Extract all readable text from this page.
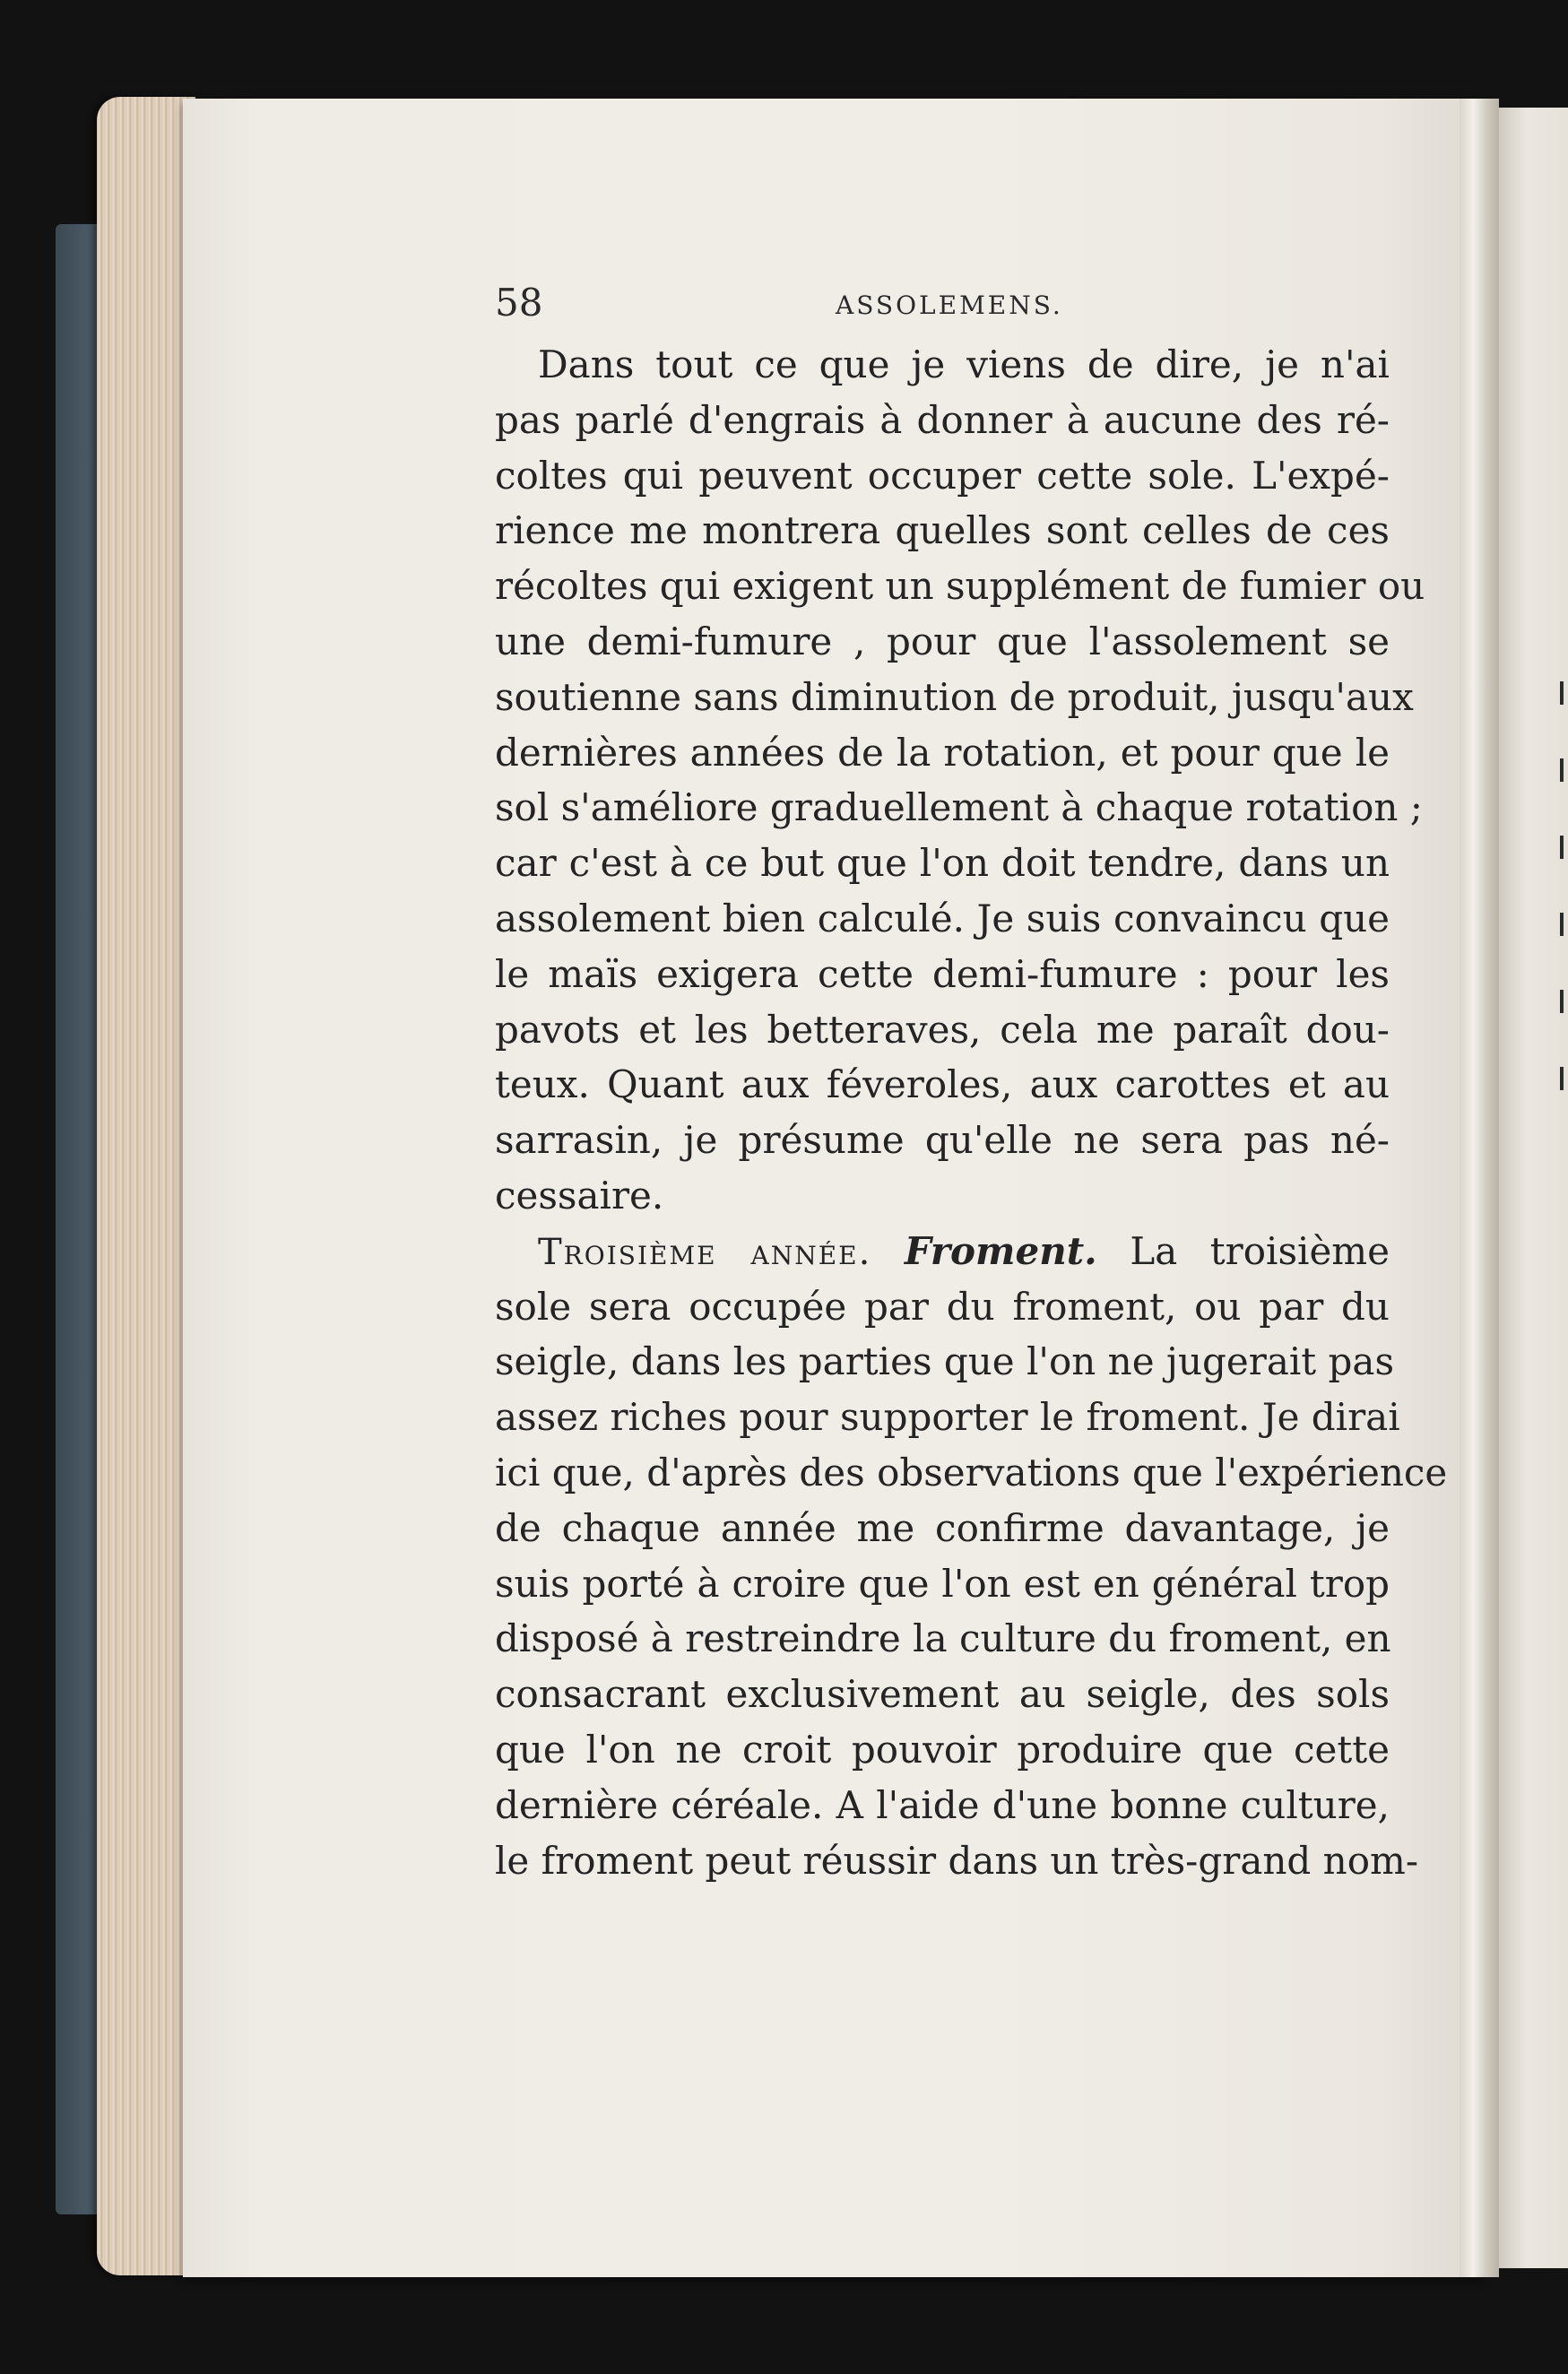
58	ASSOLEMENS.
Dans tout ce que je viens de dire, je n'ai
pas parlé d'engrais à donner à aucune des ré-
coltes qui peuvent occuper cette sole. L'expé-
rience me montrera quelles sont celles de ces
récoltes qui exigent un supplément de fumier ou
une demi-fumure , pour que l'assolement se
soutienne sans diminution de produit, jusqu'aux
dernières années de la rotation, et pour que le
sol s'améliore graduellement à chaque rotation ;
car c'est à ce but que l'on doit tendre, dans un
assolement bien calculé. Je suis convaincu que
le maïs exigera cette demi-fumure : pour les
pavots et les betteraves, cela me paraît dou-
teux. Quant aux féveroles, aux carottes et au
sarrasin, je présume qu'elle ne sera pas né-
cessaire.
Troisième année. Froment. La troisième
sole sera occupée par du froment, ou par du
seigle, dans les parties que l'on ne jugerait pas
assez riches pour supporter le froment. Je dirai
ici que, d'après des observations que l'expérience
de chaque année me confirme davantage, je
suis porté à croire que l'on est en général trop
disposé à restreindre la culture du froment, en
consacrant exclusivement au seigle, des sols
que l'on ne croit pouvoir produire que cette
dernière céréale. A l'aide d'une bonne culture,
le froment peut réussir dans un très-grand nom-
